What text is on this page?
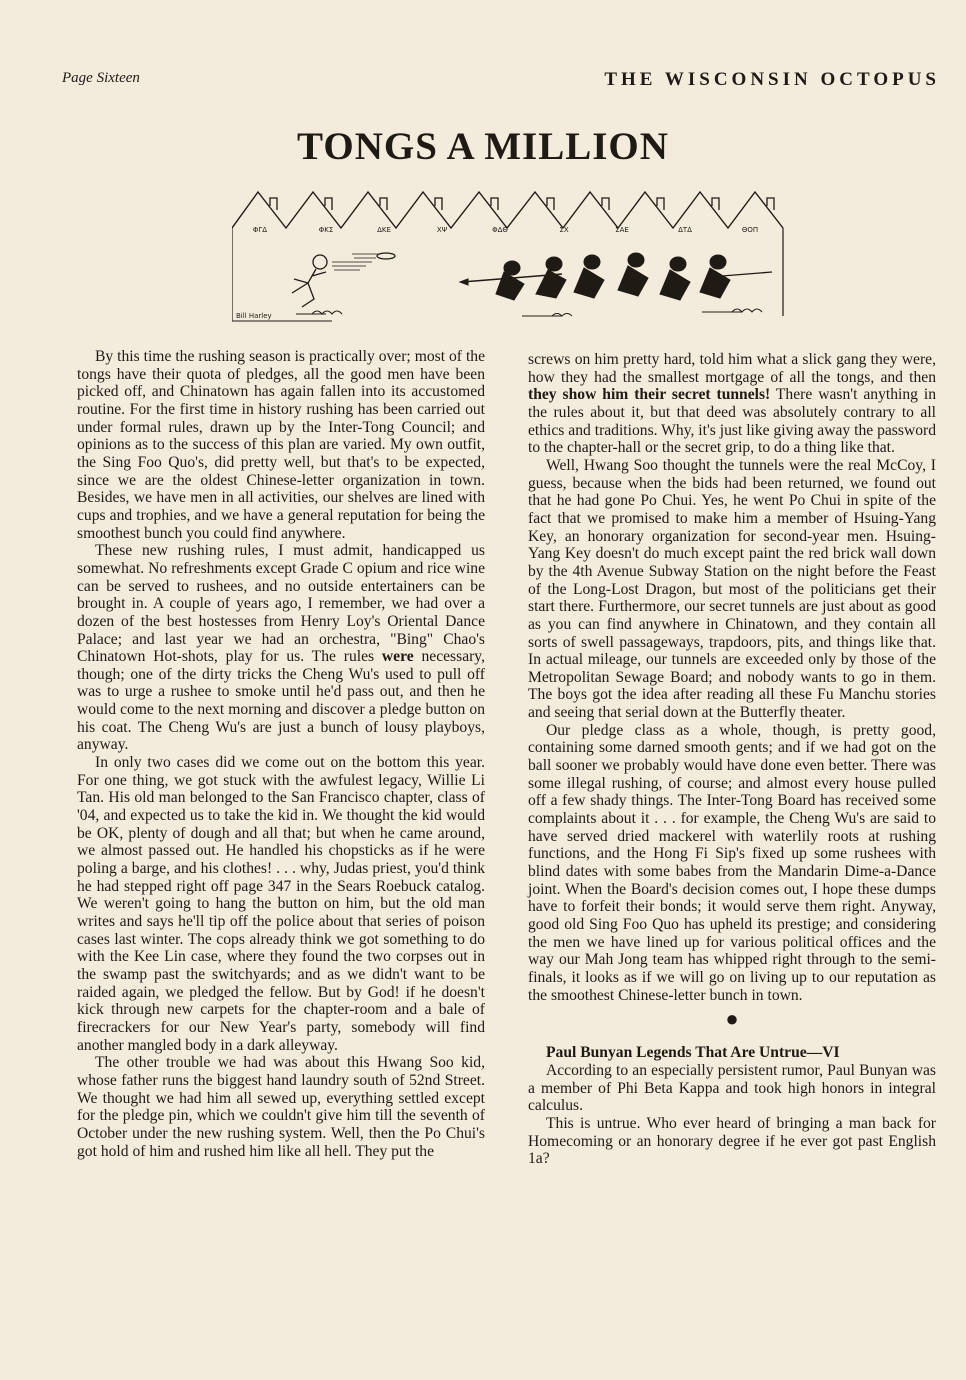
Page Sixteen	THE WISCONSIN OCTOPUS
TONGS A MILLION
ΦΓΔ	ΦΚΣ	ΔΚΕ	ΧΨ	ΦΔΘ	ΣΧ	ΣΑΕ	ΔΤΔ	ΘΟΠ
Bill Harley

By this time the rushing season is practically over; most of the tongs have their quota of pledges, all the good men have been picked off, and Chinatown has again fallen into its accustomed routine. For the first time in history rushing has been carried out under formal rules, drawn up by the Inter-Tong Council; and opinions as to the success of this plan are varied. My own outfit, the Sing Foo Quo's, did pretty well, but that's to be expected, since we are the oldest Chinese-letter organization in town. Besides, we have men in all activities, our shelves are lined with cups and trophies, and we have a general reputation for being the smoothest bunch you could find anywhere.

These new rushing rules, I must admit, handicapped us somewhat. No refreshments except Grade C opium and rice wine can be served to rushees, and no outside entertainers can be brought in. A couple of years ago, I remember, we had over a dozen of the best hostesses from Henry Loy's Oriental Dance Palace; and last year we had an orchestra, "Bing" Chao's Chinatown Hot-shots, play for us. The rules were necessary, though; one of the dirty tricks the Cheng Wu's used to pull off was to urge a rushee to smoke until he'd pass out, and then he would come to the next morning and discover a pledge button on his coat. The Cheng Wu's are just a bunch of lousy playboys, anyway.

In only two cases did we come out on the bottom this year. For one thing, we got stuck with the awfulest legacy, Willie Li Tan. His old man belonged to the San Francisco chapter, class of '04, and expected us to take the kid in. We thought the kid would be OK, plenty of dough and all that; but when he came around, we almost passed out. He handled his chopsticks as if he were poling a barge, and his clothes! . . . why, Judas priest, you'd think he had stepped right off page 347 in the Sears Roebuck catalog. We weren't going to hang the button on him, but the old man writes and says he'll tip off the police about that series of poison cases last winter. The cops already think we got something to do with the Kee Lin case, where they found the two corpses out in the swamp past the switchyards; and as we didn't want to be raided again, we pledged the fellow. But by God! if he doesn't kick through new carpets for the chapter-room and a bale of firecrackers for our New Year's party, somebody will find another mangled body in a dark alleyway.

The other trouble we had was about this Hwang Soo kid, whose father runs the biggest hand laundry south of 52nd Street. We thought we had him all sewed up, everything settled except for the pledge pin, which we couldn't give him till the seventh of October under the new rushing system. Well, then the Po Chui's got hold of him and rushed him like all hell. They put the

screws on him pretty hard, told him what a slick gang they were, how they had the smallest mortgage of all the tongs, and then they show him their secret tunnels! There wasn't anything in the rules about it, but that deed was absolutely contrary to all ethics and traditions. Why, it's just like giving away the password to the chapter-hall or the secret grip, to do a thing like that.

Well, Hwang Soo thought the tunnels were the real McCoy, I guess, because when the bids had been returned, we found out that he had gone Po Chui. Yes, he went Po Chui in spite of the fact that we promised to make him a member of Hsuing-Yang Key, an honorary organization for second-year men. Hsuing-Yang Key doesn't do much except paint the red brick wall down by the 4th Avenue Subway Station on the night before the Feast of the Long-Lost Dragon, but most of the politicians get their start there. Furthermore, our secret tunnels are just about as good as you can find anywhere in Chinatown, and they contain all sorts of swell passageways, trapdoors, pits, and things like that. In actual mileage, our tunnels are exceeded only by those of the Metropolitan Sewage Board; and nobody wants to go in them. The boys got the idea after reading all these Fu Manchu stories and seeing that serial down at the Butterfly theater.

Our pledge class as a whole, though, is pretty good, containing some darned smooth gents; and if we had got on the ball sooner we probably would have done even better. There was some illegal rushing, of course; and almost every house pulled off a few shady things. The Inter-Tong Board has received some complaints about it . . . for example, the Cheng Wu's are said to have served dried mackerel with waterlily roots at rushing functions, and the Hong Fi Sip's fixed up some rushees with blind dates with some babes from the Mandarin Dime-a-Dance joint. When the Board's decision comes out, I hope these dumps have to forfeit their bonds; it would serve them right. Anyway, good old Sing Foo Quo has upheld its prestige; and considering the men we have lined up for various political offices and the way our Mah Jong team has whipped right through to the semi-finals, it looks as if we will go on living up to our reputation as the smoothest Chinese-letter bunch in town.

●

Paul Bunyan Legends That Are Untrue—VI

According to an especially persistent rumor, Paul Bunyan was a member of Phi Beta Kappa and took high honors in integral calculus.

This is untrue. Who ever heard of bringing a man back for Homecoming or an honorary degree if he ever got past English 1a?
